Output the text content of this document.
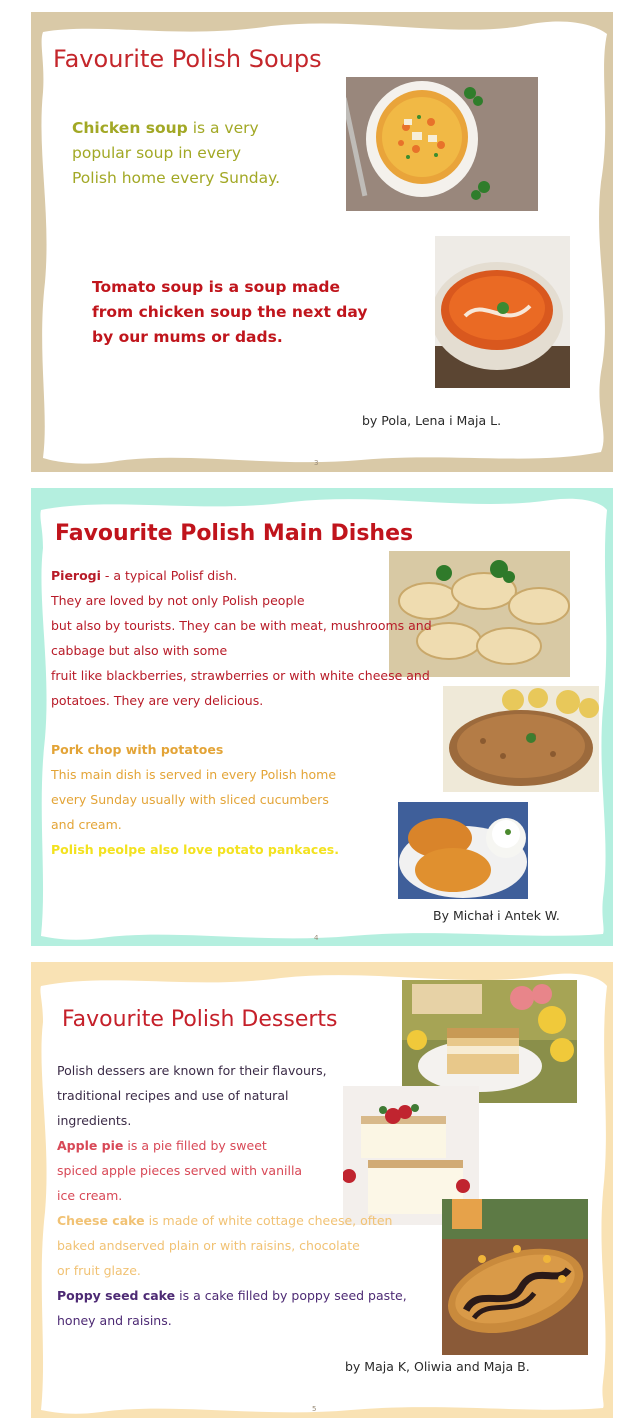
Favourite Polish Soups
Chicken soup is a very
popular soup in every
Polish home every Sunday.
Tomato soup is a soup made
from chicken soup the next day
by our mums or dads.
by Pola, Lena i Maja L.
3
Favourite Polish Main Dishes
Pierogi - a typical Polisf dish.
They are loved by not only Polish people
but also by tourists. They can be with meat, mushrooms and
cabbage but also with some
fruit like blackberries, strawberries or with white cheese and
potatoes. They are very delicious.
Pork chop with potatoes
This main dish is served in every Polish home
every Sunday usually with sliced cucumbers
and cream.
Polish peolpe also love potato pankaces.
By Michał i Antek W.
4
Favourite Polish Desserts
Polish dessers are known for their flavours,
traditional recipes and use of natural
ingredients.
Apple pie is a pie filled by sweet
spiced apple pieces served with vanilla
ice cream.
Cheese cake is made of white cottage cheese, often
baked andserved plain or with raisins, chocolate
or fruit glaze.
Poppy seed cake is a cake filled by poppy seed paste,
honey and raisins.
by Maja K, Oliwia and Maja B.
5
